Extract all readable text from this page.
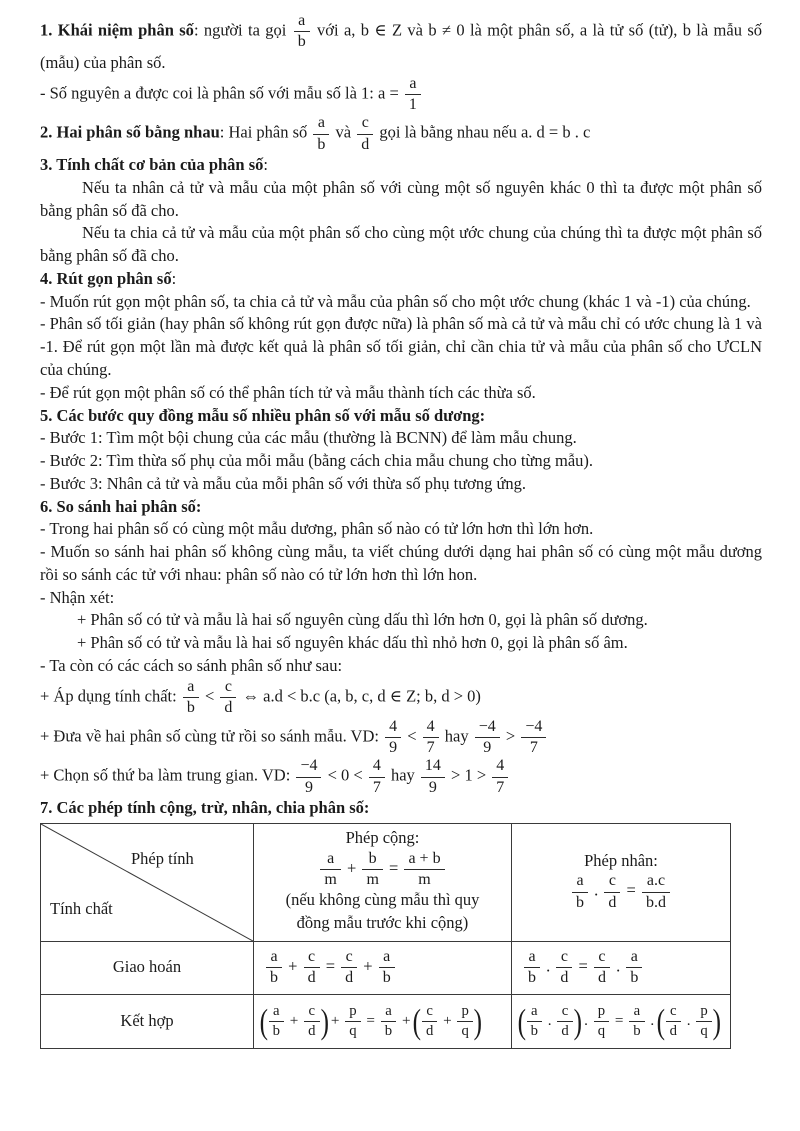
1. Khái niệm phân số: người ta gọi $\frac{a}{b}$ với a, b ∈ Z và b ≠ 0 là một phân số, a là tử số (tử), b là mẫu số (mẫu) của phân số.
- Số nguyên a được coi là phân số với mẫu số là 1: $a = \frac{a}{1}$
2. Hai phân số bằng nhau: Hai phân số $\frac{a}{b}$ và $\frac{c}{d}$ gọi là bằng nhau nếu a. d = b . c
3. Tính chất cơ bản của phân số:
Nếu ta nhân cả tử và mẫu của một phân số với cùng một số nguyên khác 0 thì ta được một phân số bằng phân số đã cho.
Nếu ta chia cả tử và mẫu của một phân số cho cùng một ước chung của chúng thì ta được một phân số bằng phân số đã cho.
4. Rút gọn phân số:
- Muốn rút gọn một phân số, ta chia cả tử và mẫu của phân số cho một ước chung (khác 1 và -1) của chúng.
- Phân số tối giản (hay phân số không rút gọn được nữa) là phân số mà cả tử và mẫu chỉ có ước chung là 1 và -1. Để rút gọn một lần mà được kết quả là phân số tối giản, chỉ cần chia tử và mẫu của phân số cho ƯCLN của chúng.
- Để rút gọn một phân số có thể phân tích tử và mẫu thành tích các thừa số.
5. Các bước quy đồng mẫu số nhiều phân số với mẫu số dương:
- Bước 1: Tìm một bội chung của các mẫu (thường là BCNN) để làm mẫu chung.
- Bước 2: Tìm thừa số phụ của mỗi mẫu (bằng cách chia mẫu chung cho từng mẫu).
- Bước 3: Nhân cả tử và mẫu của mỗi phân số với thừa số phụ tương ứng.
6. So sánh hai phân số:
- Trong hai phân số có cùng một mẫu dương, phân số nào có tử lớn hơn thì lớn hơn.
- Muốn so sánh hai phân số không cùng mẫu, ta viết chúng dưới dạng hai phân số có cùng một mẫu dương rồi so sánh các tử với nhau: phân số nào có tử lớn hơn thì lớn hon.
- Nhận xét:
+ Phân số có tử và mẫu là hai số nguyên cùng dấu thì lớn hơn 0, gọi là phân số dương.
+ Phân số có tử và mẫu là hai số nguyên khác dấu thì nhỏ hơn 0, gọi là phân số âm.
- Ta còn có các cách so sánh phân số như sau:
+ Áp dụng tính chất: $\frac{a}{b} < \frac{c}{d}$ ⇔ a.d < b.c (a, b, c, d ∈ Z; b, d > 0)
+ Đưa về hai phân số cùng tử rồi so sánh mẫu. VD: $\frac{4}{9} < \frac{4}{7}$ hay $\frac{-4}{9} > \frac{-4}{7}$
+ Chọn số thứ ba làm trung gian. VD: $\frac{-4}{9} < 0 < \frac{4}{7}$ hay $\frac{14}{9} > 1 > \frac{4}{7}$
7. Các phép tính cộng, trừ, nhân, chia phân số:
Phép tính
Tính chất
	Phép cộng:

$\frac{a}{m} + \frac{b}{m} = \frac{a + b}{m}$

(nếu không cùng mẫu thì quy
đồng mẫu trước khi cộng)	Phép nhân:

$\frac{a}{b}$ . $\frac{c}{d} = \frac{a.c}{b.d}$

Giao hoán	$\frac{a}{b} + \frac{c}{d} = \frac{c}{d} + \frac{a}{b}$	$\frac{a}{b}$ . $\frac{c}{d} = \frac{c}{d}$ . $\frac{a}{b}$

Kết hợp	(
$\frac{a}{b} + \frac{c}{d}$
) + $\frac{p}{q} = \frac{a}{b}$ + (
$\frac{c}{d} + \frac{p}{q}$
)	(
$\frac{a}{b}$ . $\frac{c}{d}$
) . $\frac{p}{q} = \frac{a}{b}$ . (
$\frac{c}{d}$ . $\frac{p}{q}$
)
